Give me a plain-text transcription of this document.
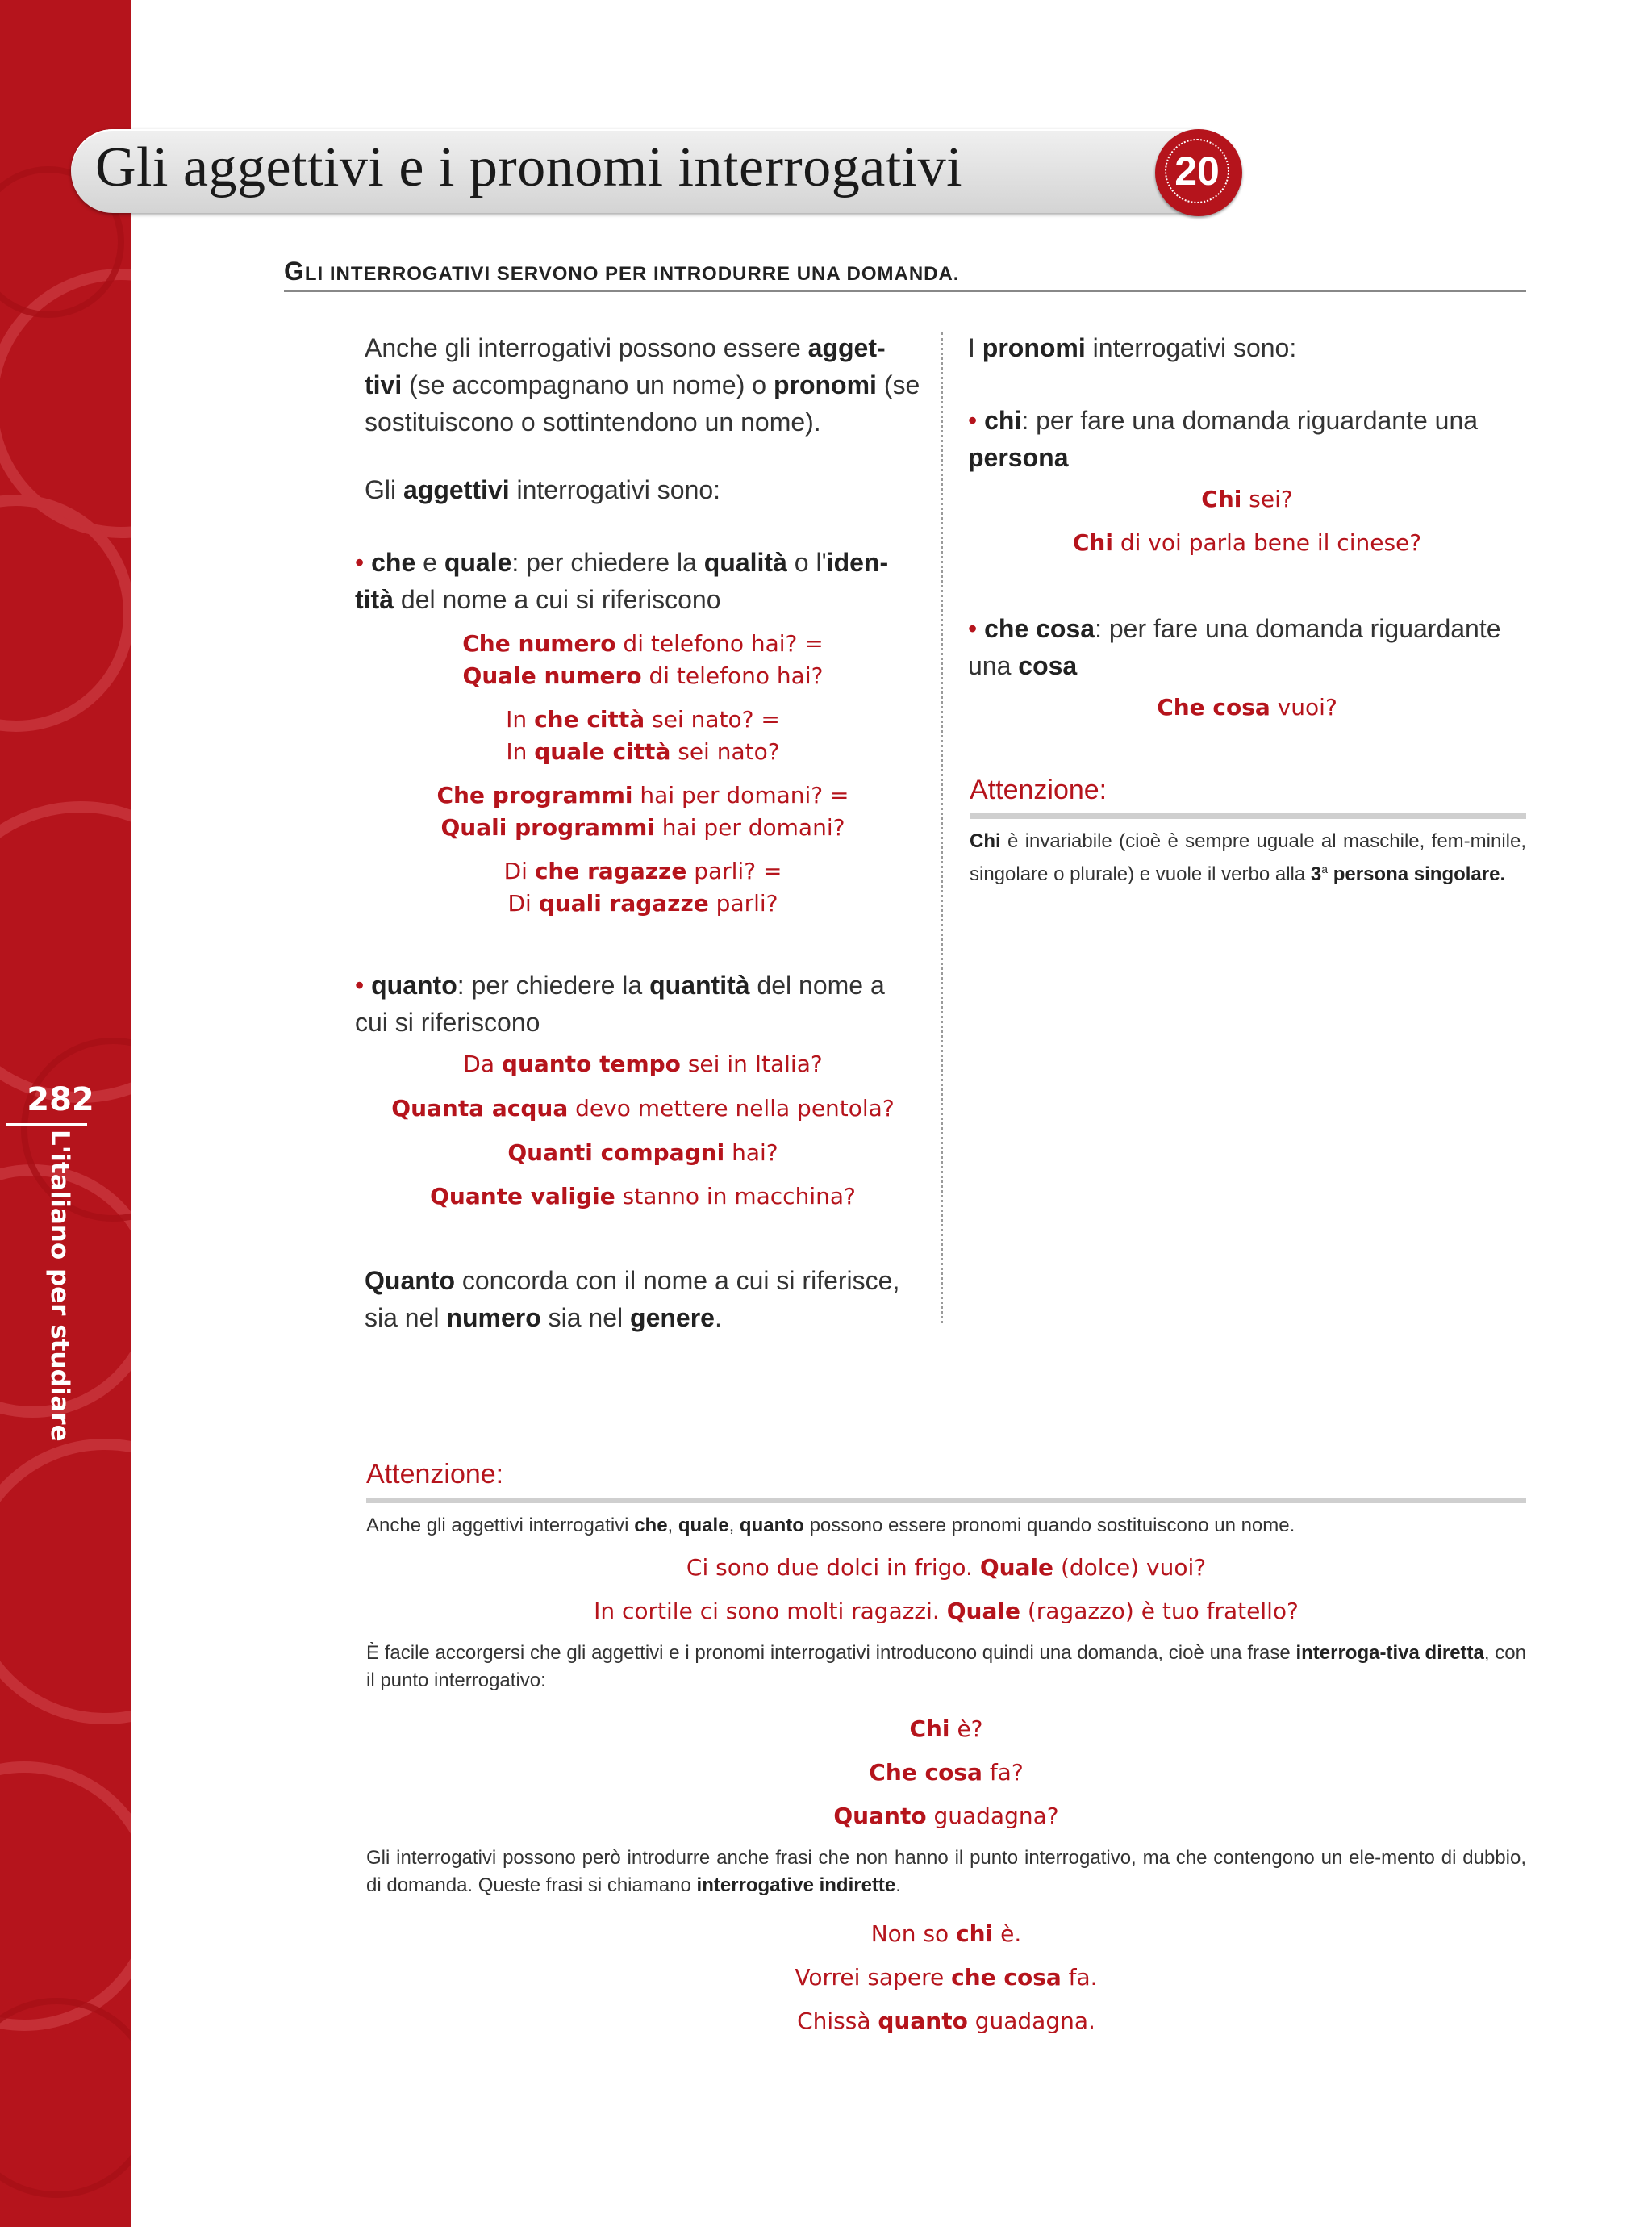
282
L'italiano per studiare
Gli aggettivi e i pronomi interrogativi	20
GLI INTERROGATIVI SERVONO PER INTRODURRE UNA DOMANDA.

Anche gli interrogativi possono essere agget-tivi (se accompagnano un nome) o pronomi (se sostituiscono o sottintendono un nome).

Gli aggettivi interrogativi sono:

• che e quale: per chiedere la qualità o l'iden-tità del nome a cui si riferiscono

Che numero di telefono hai? =
Quale numero di telefono hai?

In che città sei nato? =
In quale città sei nato?

Che programmi hai per domani? =
Quali programmi hai per domani?

Di che ragazze parli? =
Di quali ragazze parli?

• quanto: per chiedere la quantità del nome a cui si riferiscono

Da quanto tempo sei in Italia?

Quanta acqua devo mettere nella pentola?

Quanti compagni hai?

Quante valigie stanno in macchina?

Quanto concorda con il nome a cui si riferisce, sia nel numero sia nel genere.

I pronomi interrogativi sono:

• chi: per fare una domanda riguardante una persona

Chi sei?

Chi di voi parla bene il cinese?

• che cosa: per fare una domanda riguardante una cosa

Che cosa vuoi?

Attenzione:

Chi è invariabile (cioè è sempre uguale al maschile, fem-minile, singolare o plurale) e vuole il verbo alla 3$^a$ persona singolare.

Attenzione:

Anche gli aggettivi interrogativi che, quale, quanto possono essere pronomi quando sostituiscono un nome.

Ci sono due dolci in frigo. Quale (dolce) vuoi?

In cortile ci sono molti ragazzi. Quale (ragazzo) è tuo fratello?

È facile accorgersi che gli aggettivi e i pronomi interrogativi introducono quindi una domanda, cioè una frase interroga-tiva diretta, con il punto interrogativo:

Chi è?

Che cosa fa?

Quanto guadagna?

Gli interrogativi possono però introdurre anche frasi che non hanno il punto interrogativo, ma che contengono un ele-mento di dubbio, di domanda. Queste frasi si chiamano interrogative indirette.

Non so chi è.

Vorrei sapere che cosa fa.

Chissà quanto guadagna.
